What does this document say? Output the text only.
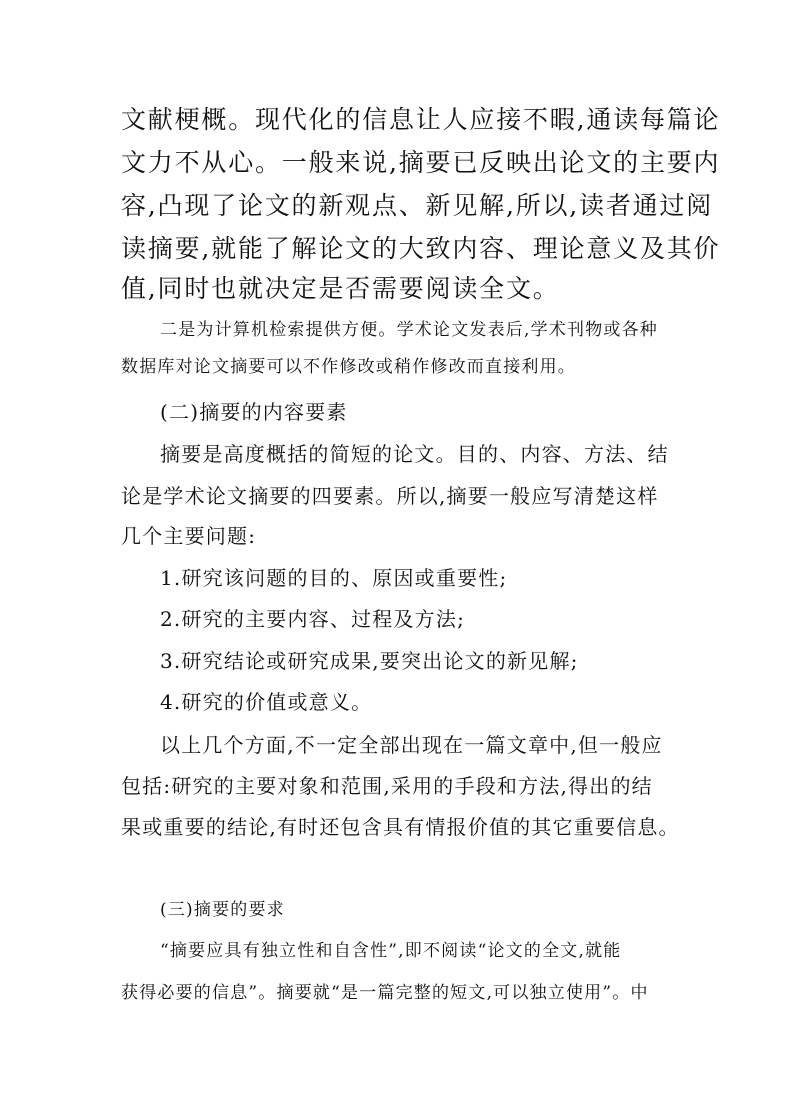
文献梗概。现代化的信息让人应接不暇,通读每篇论
文力不从心。一般来说,摘要已反映出论文的主要内
容,凸现了论文的新观点、新见解,所以,读者通过阅
读摘要,就能了解论文的大致内容、理论意义及其价
值,同时也就决定是否需要阅读全文。
二是为计算机检索提供方便。学术论文发表后,学术刊物或各种
数据库对论文摘要可以不作修改或稍作修改而直接利用。
(二)摘要的内容要素
摘要是高度概括的简短的论文。目的、内容、方法、结
论是学术论文摘要的四要素。所以,摘要一般应写清楚这样
几个主要问题:
1.研究该问题的目的、原因或重要性;
2.研究的主要内容、过程及方法;
3.研究结论或研究成果,要突出论文的新见解;
4.研究的价值或意义。
以上几个方面,不一定全部出现在一篇文章中,但一般应
包括:研究的主要对象和范围,采用的手段和方法,得出的结
果或重要的结论,有时还包含具有情报价值的其它重要信息。
(三)摘要的要求
“摘要应具有独立性和自含性”,即不阅读“论文的全文,就能
获得必要的信息”。摘要就“是一篇完整的短文,可以独立使用”。中
